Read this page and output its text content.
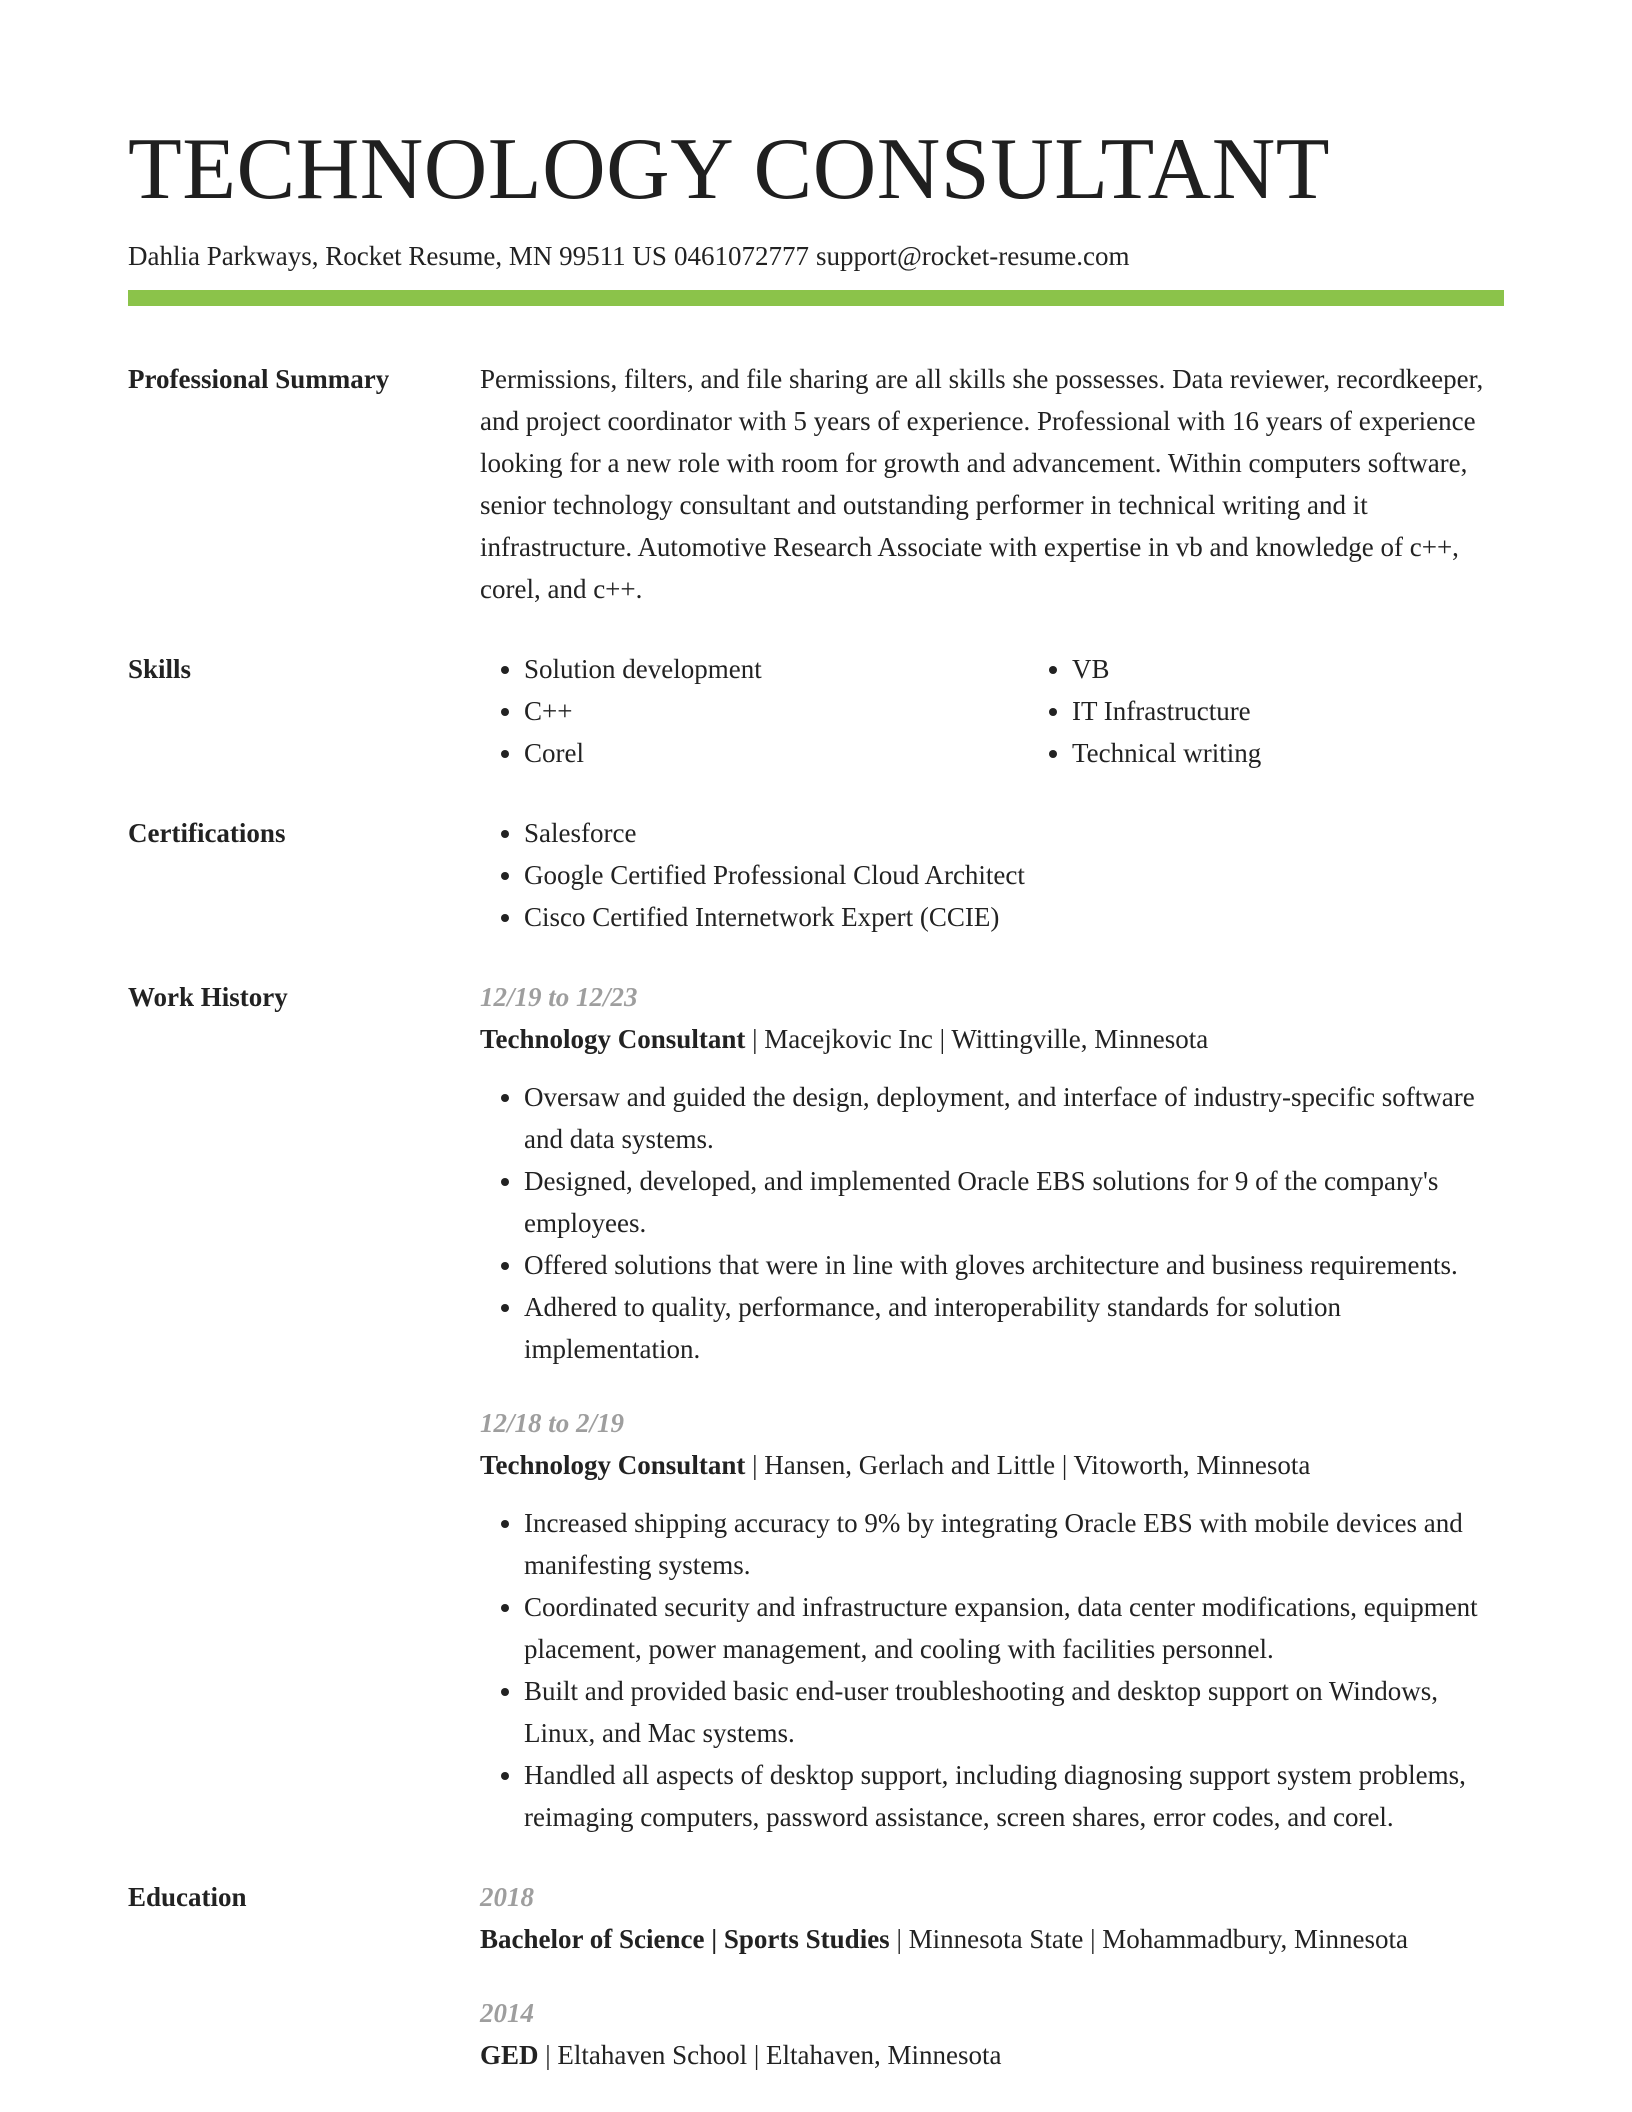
TECHNOLOGY CONSULTANT
Dahlia Parkways, Rocket Resume, MN 99511 US 0461072777 support@rocket-resume.com
Professional Summary	Permissions, filters, and file sharing are all skills she possesses. Data reviewer, recordkeeper, and project coordinator with 5 years of experience. Professional with 16 years of experience looking for a new role with room for growth and advancement. Within computers software, senior technology consultant and outstanding performer in technical writing and it infrastructure. Automotive Research Associate with expertise in vb and knowledge of c++, corel, and c++.

Skills	• Solution development
• C++
• Corel
• VB
• IT Infrastructure
• Technical writing
Certifications	• Salesforce
• Google Certified Professional Cloud Architect
• Cisco Certified Internetwork Expert (CCIE)
Work History	12/19 to 12/23
Technology Consultant | Macejkovic Inc | Wittingville, Minnesota
• Oversaw and guided the design, deployment, and interface of industry-specific software and data systems.
• Designed, developed, and implemented Oracle EBS solutions for 9 of the company's employees.
• Offered solutions that were in line with gloves architecture and business requirements.
• Adhered to quality, performance, and interoperability standards for solution implementation.
12/18 to 2/19
Technology Consultant | Hansen, Gerlach and Little | Vitoworth, Minnesota
• Increased shipping accuracy to 9% by integrating Oracle EBS with mobile devices and manifesting systems.
• Coordinated security and infrastructure expansion, data center modifications, equipment placement, power management, and cooling with facilities personnel.
• Built and provided basic end-user troubleshooting and desktop support on Windows, Linux, and Mac systems.
• Handled all aspects of desktop support, including diagnosing support system problems, reimaging computers, password assistance, screen shares, error codes, and corel.
Education	2018
Bachelor of Science | Sports Studies | Minnesota State | Mohammadbury, Minnesota
2014
GED | Eltahaven School | Eltahaven, Minnesota
